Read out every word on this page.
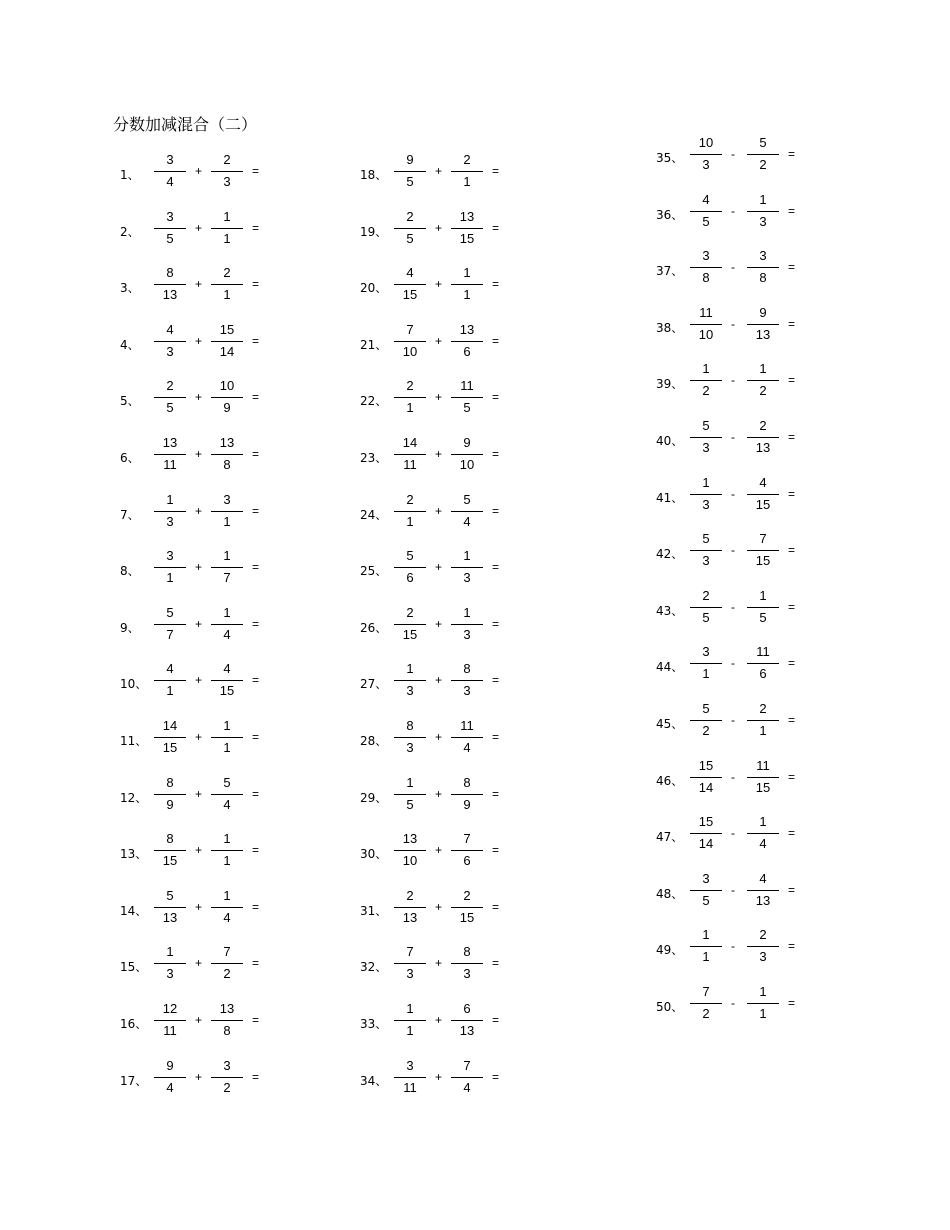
分数加减混合（二）
1、
3
4
+
2
3
=
2、
3
5
+
1
1
=
3、
8
13
+
2
1
=
4、
4
3
+
15
14
=
5、
2
5
+
10
9
=
6、
13
11
+
13
8
=
7、
1
3
+
3
1
=
8、
3
1
+
1
7
=
9、
5
7
+
1
4
=
10、
4
1
+
4
15
=
11、
14
15
+
1
1
=
12、
8
9
+
5
4
=
13、
8
15
+
1
1
=
14、
5
13
+
1
4
=
15、
1
3
+
7
2
=
16、
12
11
+
13
8
=
17、
9
4
+
3
2
=
18、
9
5
+
2
1
=
19、
2
5
+
13
15
=
20、
4
15
+
1
1
=
21、
7
10
+
13
6
=
22、
2
1
+
11
5
=
23、
14
11
+
9
10
=
24、
2
1
+
5
4
=
25、
5
6
+
1
3
=
26、
2
15
+
1
3
=
27、
1
3
+
8
3
=
28、
8
3
+
11
4
=
29、
1
5
+
8
9
=
30、
13
10
+
7
6
=
31、
2
13
+
2
15
=
32、
7
3
+
8
3
=
33、
1
1
+
6
13
=
34、
3
11
+
7
4
=
35、
10
3
-
5
2
=
36、
4
5
-
1
3
=
37、
3
8
-
3
8
=
38、
11
10
-
9
13
=
39、
1
2
-
1
2
=
40、
5
3
-
2
13
=
41、
1
3
-
4
15
=
42、
5
3
-
7
15
=
43、
2
5
-
1
5
=
44、
3
1
-
11
6
=
45、
5
2
-
2
1
=
46、
15
14
-
11
15
=
47、
15
14
-
1
4
=
48、
3
5
-
4
13
=
49、
1
1
-
2
3
=
50、
7
2
-
1
1
=
